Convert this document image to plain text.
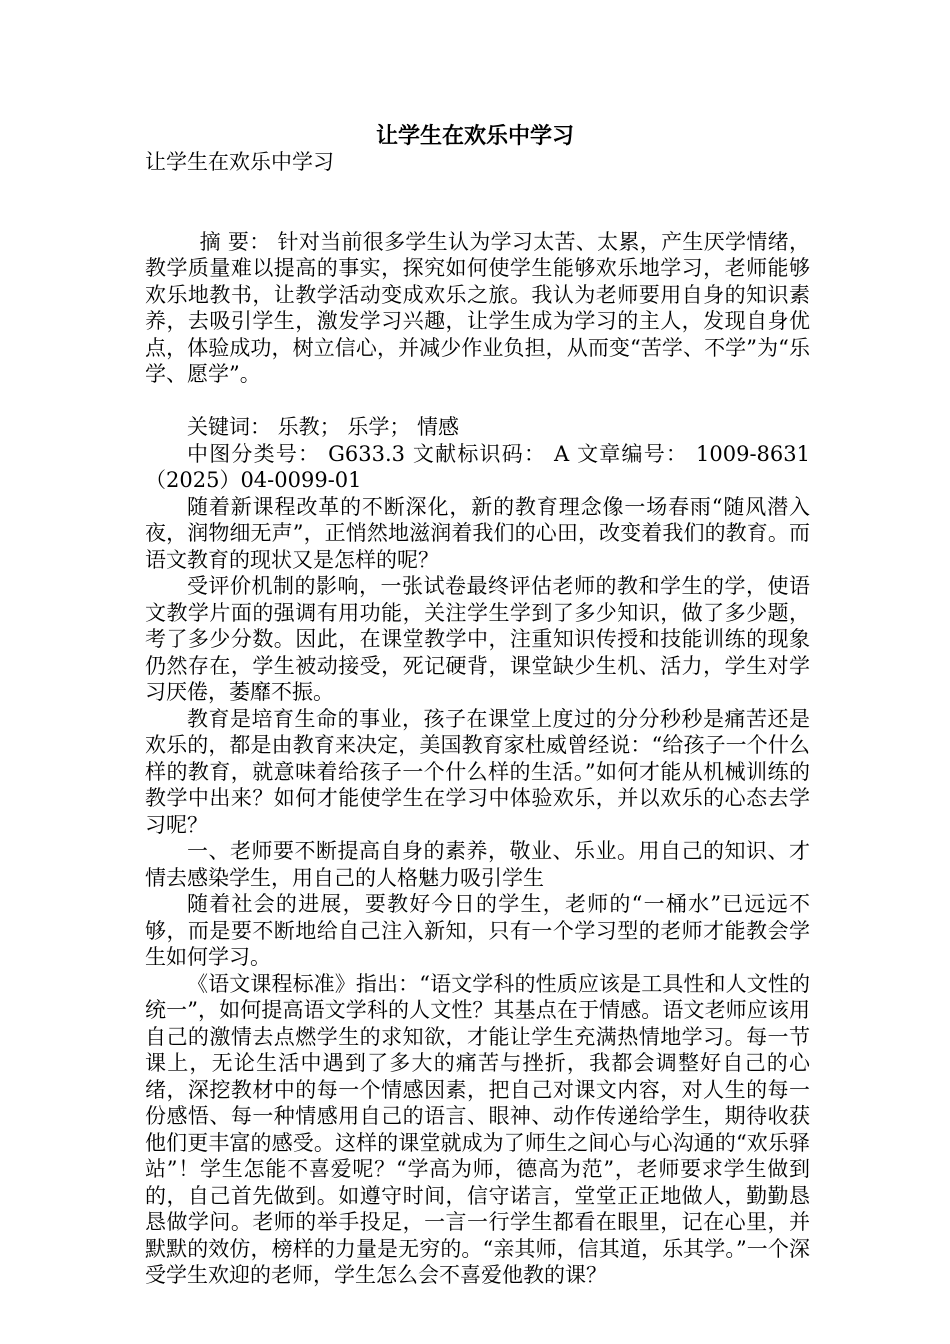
让学生在欢乐中学习

让学生在欢乐中学习

摘 要： 针对当前很多学生认为学习太苦、太累，产生厌学情绪，教学质量难以提高的事实，探究如何使学生能够欢乐地学习，老师能够欢乐地教书，让教学活动变成欢乐之旅。我认为老师要用自身的知识素养，去吸引学生，激发学习兴趣，让学生成为学习的主人，发现自身优点，体验成功，树立信心，并减少作业负担，从而变“苦学、不学”为“乐学、愿学”。

关键词： 乐教； 乐学； 情感

中图分类号： G633.3 文献标识码： A 文章编号： 1009-8631（2025）04-0099-01

随着新课程改革的不断深化，新的教育理念像一场春雨“随风潜入夜，润物细无声”，正悄然地滋润着我们的心田，改变着我们的教育。而语文教育的现状又是怎样的呢？

受评价机制的影响，一张试卷最终评估老师的教和学生的学，使语文教学片面的强调有用功能，关注学生学到了多少知识，做了多少题，考了多少分数。因此，在课堂教学中，注重知识传授和技能训练的现象仍然存在，学生被动接受，死记硬背，课堂缺少生机、活力，学生对学习厌倦，萎靡不振。

教育是培育生命的事业，孩子在课堂上度过的分分秒秒是痛苦还是欢乐的，都是由教育来决定，美国教育家杜威曾经说：“给孩子一个什么样的教育，就意味着给孩子一个什么样的生活。”如何才能从机械训练的教学中出来？如何才能使学生在学习中体验欢乐，并以欢乐的心态去学习呢？

一、老师要不断提高自身的素养，敬业、乐业。用自己的知识、才情去感染学生，用自己的人格魅力吸引学生

随着社会的进展，要教好今日的学生，老师的“一桶水”已远远不够，而是要不断地给自己注入新知，只有一个学习型的老师才能教会学生如何学习。

《语文课程标准》指出：“语文学科的性质应该是工具性和人文性的统一”，如何提高语文学科的人文性？其基点在于情感。语文老师应该用自己的激情去点燃学生的求知欲，才能让学生充满热情地学习。每一节课上，无论生活中遇到了多大的痛苦与挫折，我都会调整好自己的心绪，深挖教材中的每一个情感因素，把自己对课文内容，对人生的每一份感悟、每一种情感用自己的语言、眼神、动作传递给学生，期待收获他们更丰富的感受。这样的课堂就成为了师生之间心与心沟通的“欢乐驿站”！学生怎能不喜爱呢？“学高为师，德高为范”，老师要求学生做到的，自己首先做到。如遵守时间，信守诺言，堂堂正正地做人，勤勤恳恳做学问。老师的举手投足，一言一行学生都看在眼里，记在心里，并默默的效仿，榜样的力量是无穷的。“亲其师，信其道，乐其学。”一个深受学生欢迎的老师，学生怎么会不喜爱他教的课？
